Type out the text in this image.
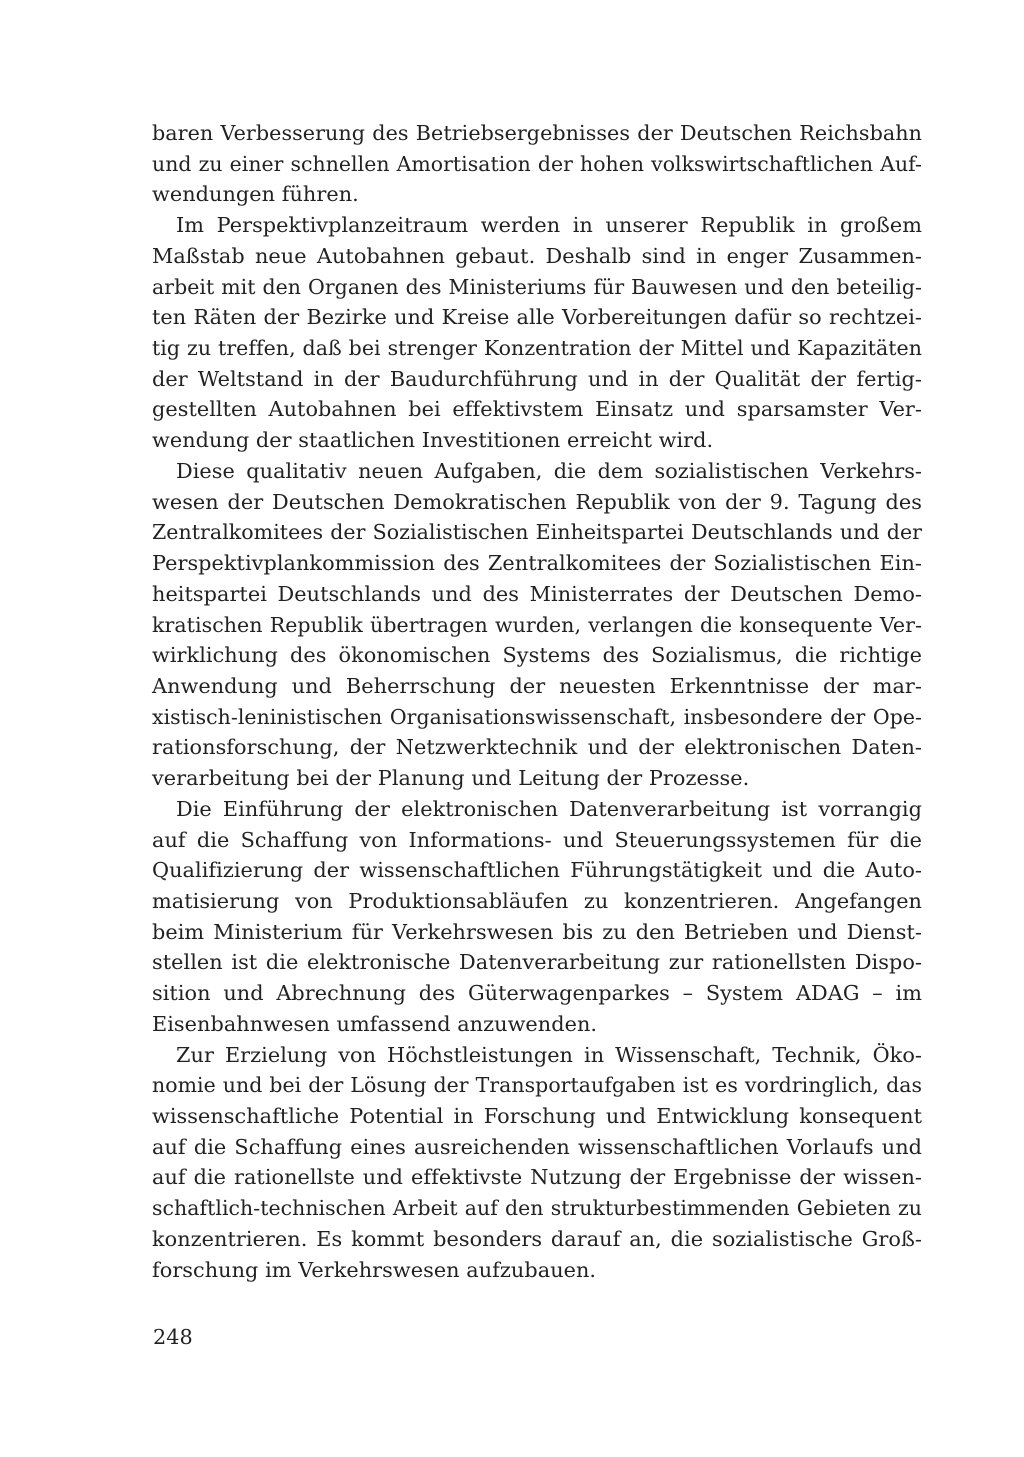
baren Verbesserung des Betriebsergebnisses der Deutschen Reichsbahn
und zu einer schnellen Amortisation der hohen volkswirtschaftlichen Auf-
wendungen führen.
Im Perspektivplanzeitraum werden in unserer Republik in großem
Maßstab neue Autobahnen gebaut. Deshalb sind in enger Zusammen-
arbeit mit den Organen des Ministeriums für Bauwesen und den beteilig-
ten Räten der Bezirke und Kreise alle Vorbereitungen dafür so rechtzei-
tig zu treffen, daß bei strenger Konzentration der Mittel und Kapazitäten
der Weltstand in der Baudurchführung und in der Qualität der fertig-
gestellten Autobahnen bei effektivstem Einsatz und sparsamster Ver-
wendung der staatlichen Investitionen erreicht wird.
Diese qualitativ neuen Aufgaben, die dem sozialistischen Verkehrs-
wesen der Deutschen Demokratischen Republik von der 9. Tagung des
Zentralkomitees der Sozialistischen Einheitspartei Deutschlands und der
Perspektivplankommission des Zentralkomitees der Sozialistischen Ein-
heitspartei Deutschlands und des Ministerrates der Deutschen Demo-
kratischen Republik übertragen wurden, verlangen die konsequente Ver-
wirklichung des ökonomischen Systems des Sozialismus, die richtige
Anwendung und Beherrschung der neuesten Erkenntnisse der mar-
xistisch-leninistischen Organisationswissenschaft, insbesondere der Ope-
rationsforschung, der Netzwerktechnik und der elektronischen Daten-
verarbeitung bei der Planung und Leitung der Prozesse.
Die Einführung der elektronischen Datenverarbeitung ist vorrangig
auf die Schaffung von Informations- und Steuerungssystemen für die
Qualifizierung der wissenschaftlichen Führungstätigkeit und die Auto-
matisierung von Produktionsabläufen zu konzentrieren. Angefangen
beim Ministerium für Verkehrswesen bis zu den Betrieben und Dienst-
stellen ist die elektronische Datenverarbeitung zur rationellsten Dispo-
sition und Abrechnung des Güterwagenparkes – System ADAG – im
Eisenbahnwesen umfassend anzuwenden.
Zur Erzielung von Höchstleistungen in Wissenschaft, Technik, Öko-
nomie und bei der Lösung der Transportaufgaben ist es vordringlich, das
wissenschaftliche Potential in Forschung und Entwicklung konsequent
auf die Schaffung eines ausreichenden wissenschaftlichen Vorlaufs und
auf die rationellste und effektivste Nutzung der Ergebnisse der wissen-
schaftlich-technischen Arbeit auf den strukturbestimmenden Gebieten zu
konzentrieren. Es kommt besonders darauf an, die sozialistische Groß-
forschung im Verkehrswesen aufzubauen.
248
